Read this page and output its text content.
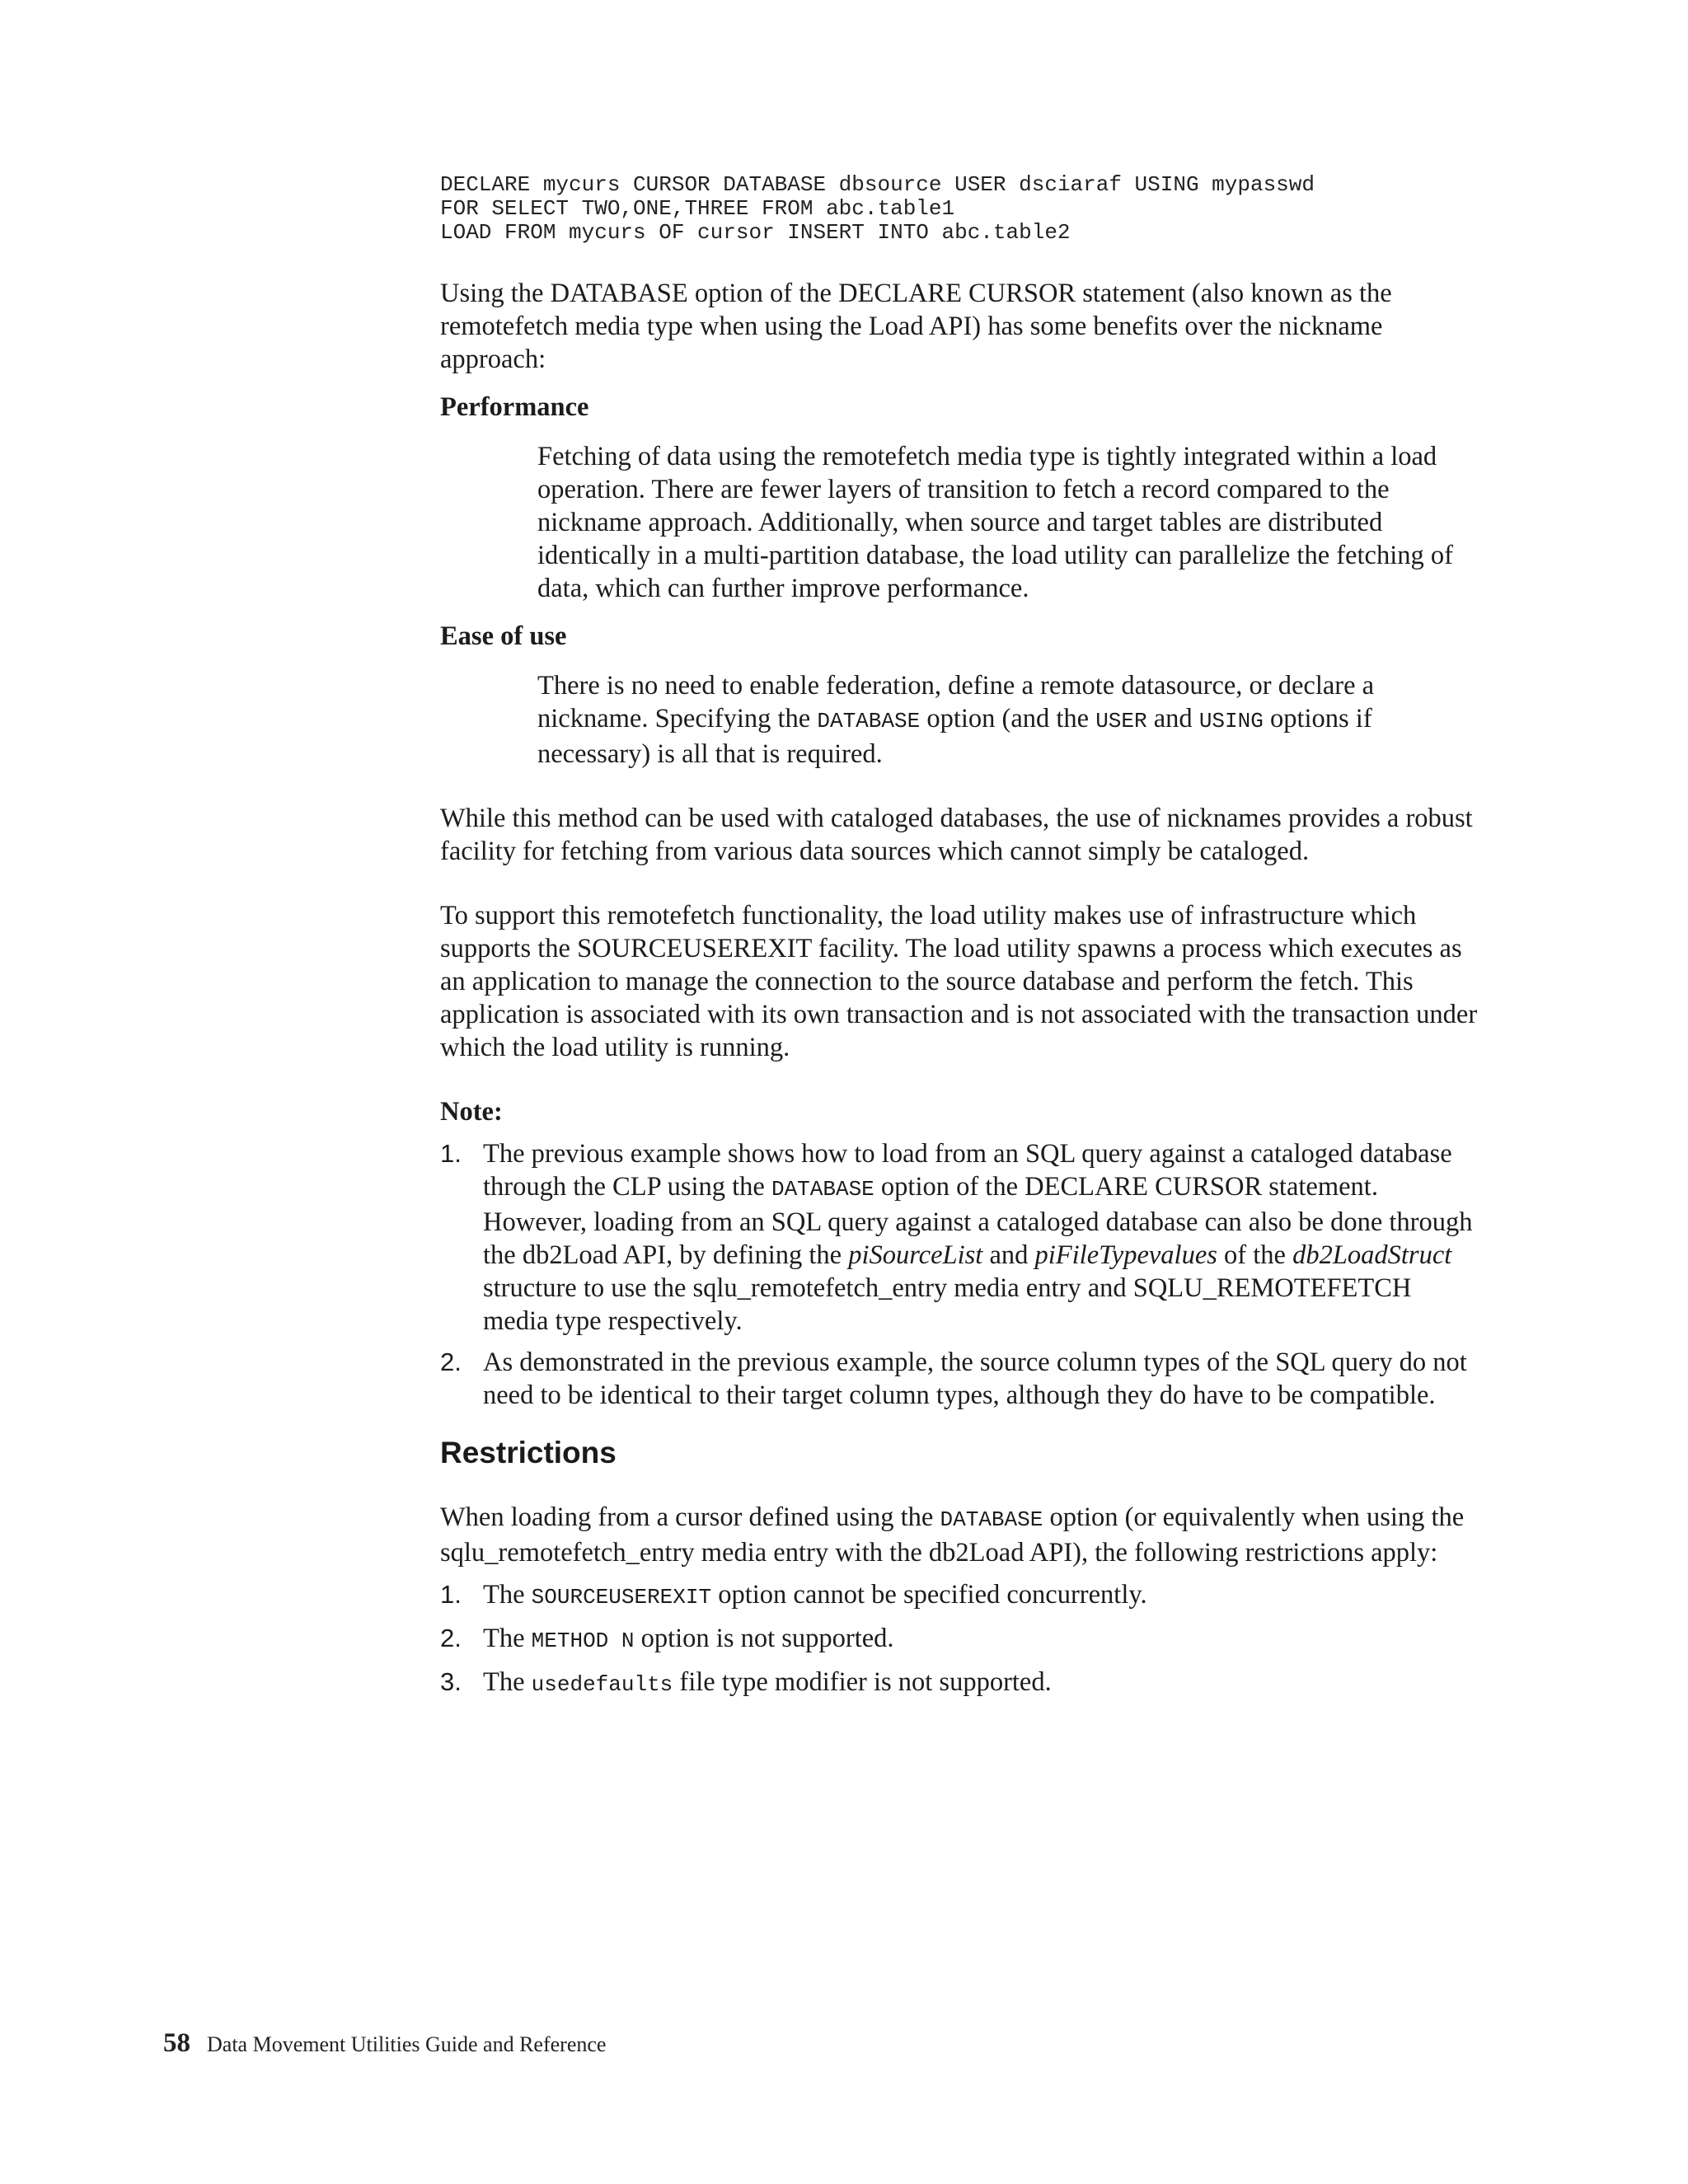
DECLARE mycurs CURSOR DATABASE dbsource USER dsciaraf USING mypasswd
FOR SELECT TWO,ONE,THREE FROM abc.table1
LOAD FROM mycurs OF cursor INSERT INTO abc.table2

Using the DATABASE option of the DECLARE CURSOR statement (also known as the remotefetch media type when using the Load API) has some benefits over the nickname approach:

Performance

Fetching of data using the remotefetch media type is tightly integrated within a load operation. There are fewer layers of transition to fetch a record compared to the nickname approach. Additionally, when source and target tables are distributed identically in a multi-partition database, the load utility can parallelize the fetching of data, which can further improve performance.

Ease of use

There is no need to enable federation, define a remote datasource, or declare a nickname. Specifying the DATABASE option (and the USER and USING options if necessary) is all that is required.

While this method can be used with cataloged databases, the use of nicknames provides a robust facility for fetching from various data sources which cannot simply be cataloged.

To support this remotefetch functionality, the load utility makes use of infrastructure which supports the SOURCEUSEREXIT facility. The load utility spawns a process which executes as an application to manage the connection to the source database and perform the fetch. This application is associated with its own transaction and is not associated with the transaction under which the load utility is running.

Note:
1. The previous example shows how to load from an SQL query against a cataloged database through the CLP using the DATABASE option of the DECLARE CURSOR statement. However, loading from an SQL query against a cataloged database can also be done through the db2Load API, by defining the piSourceList and piFileTypevalues of the db2LoadStruct structure to use the sqlu_remotefetch_entry media entry and SQLU_REMOTEFETCH media type respectively.
2. As demonstrated in the previous example, the source column types of the SQL query do not need to be identical to their target column types, although they do have to be compatible.
Restrictions

When loading from a cursor defined using the DATABASE option (or equivalently when using the sqlu_remotefetch_entry media entry with the db2Load API), the following restrictions apply:

1. The SOURCEUSEREXIT option cannot be specified concurrently.
2. The METHOD N option is not supported.
3. The usedefaults file type modifier is not supported.
58 Data Movement Utilities Guide and Reference
